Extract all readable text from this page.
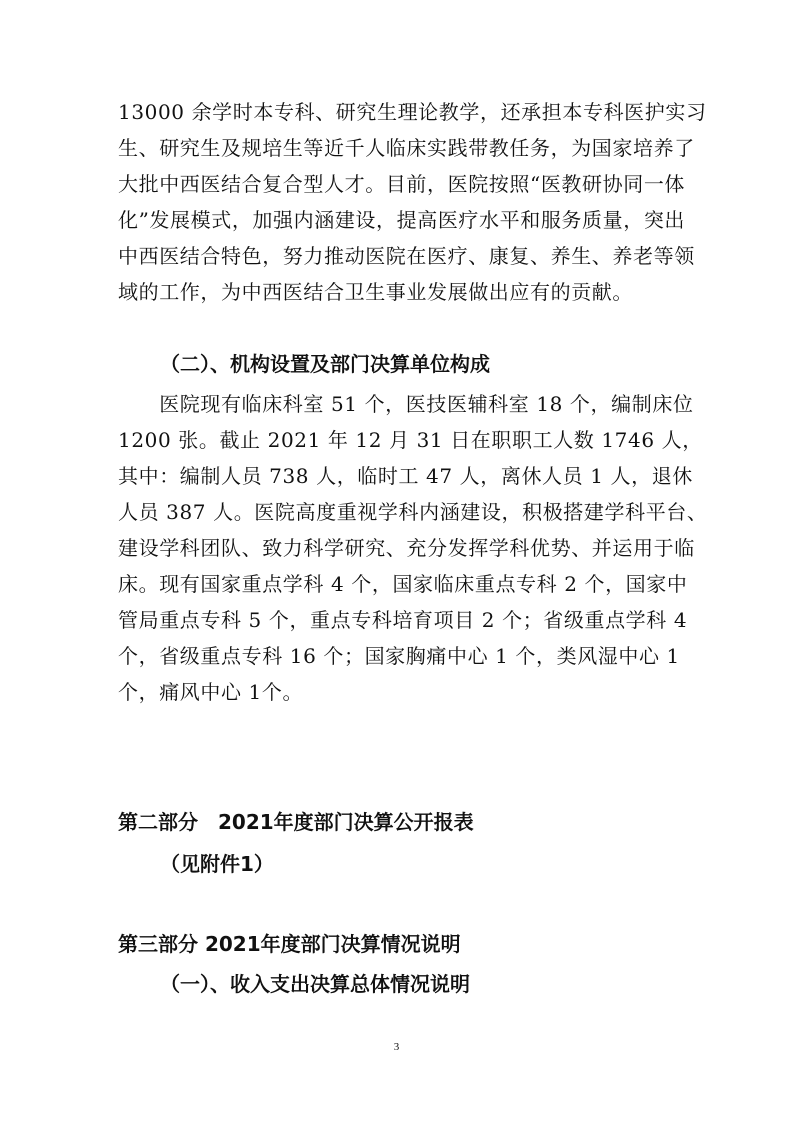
13000 余学时本专科、研究生理论教学，还承担本专科医护实习
生、研究生及规培生等近千人临床实践带教任务，为国家培养了
大批中西医结合复合型人才。目前，医院按照“医教研协同一体
化”发展模式，加强内涵建设，提高医疗水平和服务质量，突出
中西医结合特色，努力推动医院在医疗、康复、养生、养老等领
域的工作，为中西医结合卫生事业发展做出应有的贡献。
（二）、机构设置及部门决算单位构成
　　医院现有临床科室 51 个，医技医辅科室 18 个，编制床位
1200 张。截止 2021 年 12 月 31 日在职职工人数 1746 人，
其中：编制人员 738 人，临时工 47 人，离休人员 1 人，退休
人员 387 人。医院高度重视学科内涵建设，积极搭建学科平台、
建设学科团队、致力科学研究、充分发挥学科优势、并运用于临
床。现有国家重点学科 4 个，国家临床重点专科 2 个，国家中
管局重点专科 5 个，重点专科培育项目 2 个；省级重点学科 4
个，省级重点专科 16 个；国家胸痛中心 1 个，类风湿中心 1
个，痛风中心 1个。
第二部分　2021年度部门决算公开报表
（见附件1）
第三部分 2021年度部门决算情况说明
（一）、收入支出决算总体情况说明
3
